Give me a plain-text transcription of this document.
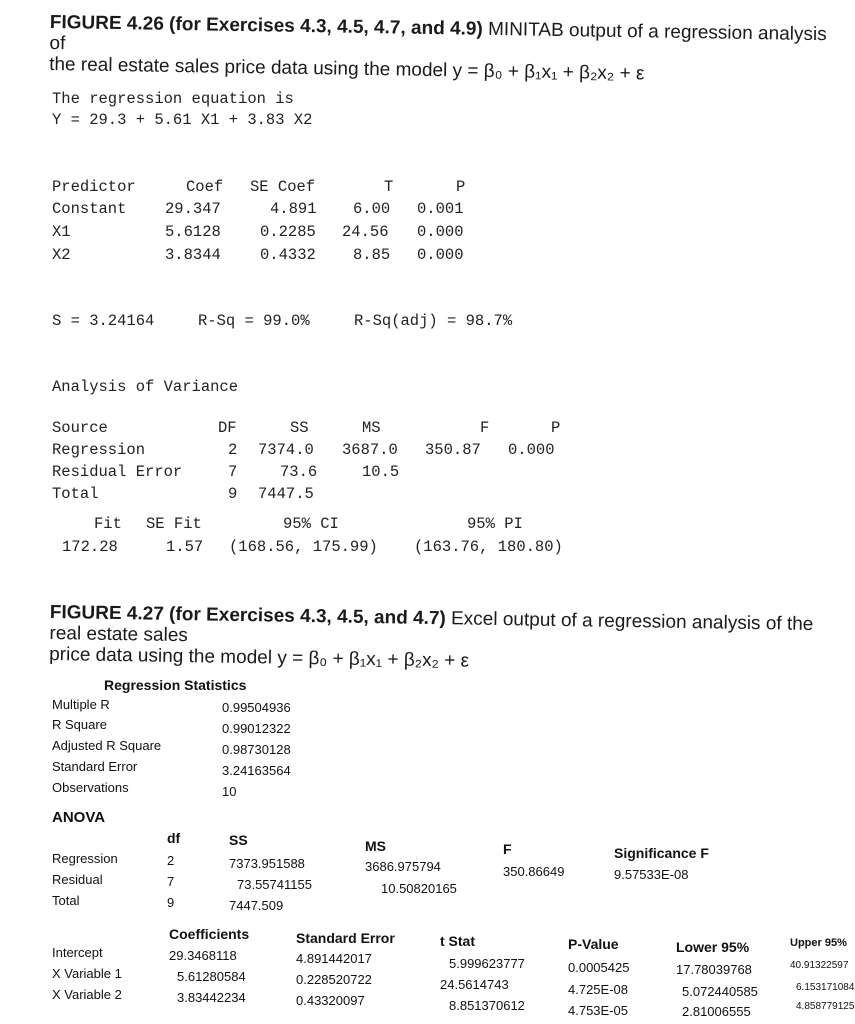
FIGURE 4.26 (for Exercises 4.3, 4.5, 4.7, and 4.9) MINITAB output of a regression analysis of
the real estate sales price data using the model y = β₀ + β₁x₁ + β₂x₂ + ε
The regression equation is
Y = 29.3 + 5.61 X1 + 3.83 X2
Predictor	Coef SE Coef	T	P
Constant 29.347	4.891 6.00 0.001
X1	5.6128	0.2285 24.56 0.000
X2	3.8344	0.4332 8.85 0.000
S = 3.24164	R-Sq = 99.0%	R-Sq(adj) = 98.7%
Analysis of Variance
Source	DF	SS	MS	F	P
Regression	2 7374.0 3687.0 350.87 0.000
Residual Error	7	73.6	10.5
Total	9 7447.5
Fit SE Fit	95% CI	95% PI
172.28	1.57 (168.56, 175.99) (163.76, 180.80)
FIGURE 4.27 (for Exercises 4.3, 4.5, and 4.7) Excel output of a regression analysis of the real estate sales
price data using the model y = β₀ + β₁x₁ + β₂x₂ + ε
Regression Statistics
Multiple R	0.99504936
R Square	0.99012322
Adjusted R Square	0.98730128
Standard Error	3.24163564
Observations	10
ANOVA
df	SS	MS	F	Significance F
Regression	2	7373.951588	3686.975794	350.86649	9.57533E-08
Residual	7	73.55741155	10.50820165
Total	9	7447.509
Coefficients	Standard Error	t Stat	P-Value	Lower 95%	Upper 95%
Intercept	29.3468118	4.891442017	5.999623777	0.0005425	17.78039768	40.91322597
X Variable 1	5.61280584	0.228520722	24.5614743	4.725E-08	5.072440585	6.153171084
X Variable 2	3.83442234	0.43320097	8.851370612	4.753E-05	2.81006555	4.858779125
